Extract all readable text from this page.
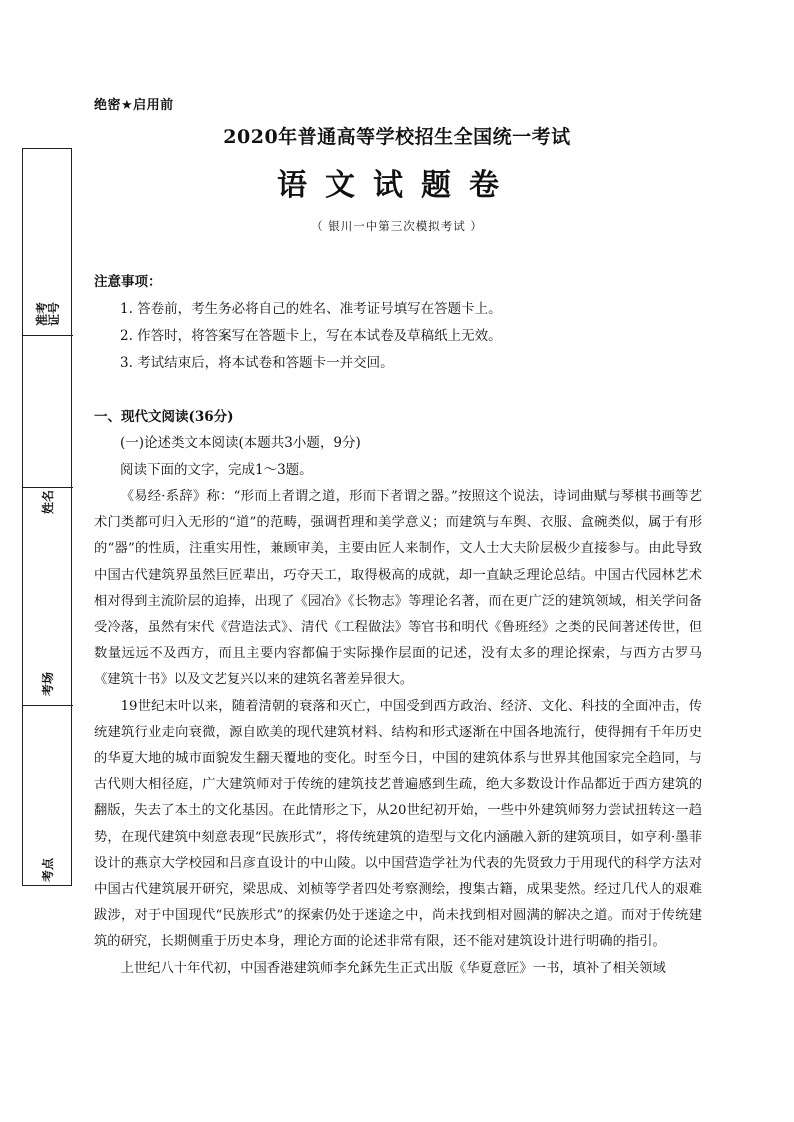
绝密★启用前
2020年普通高等学校招生全国统一考试
语文试题卷
（ 银川一中第三次模拟考试 ）
准考证号
姓名
考场
考点
注意事项：
1. 答卷前，考生务必将自己的姓名、准考证号填写在答题卡上。
2. 作答时，将答案写在答题卡上，写在本试卷及草稿纸上无效。
3. 考试结束后，将本试卷和答题卡一并交回。
一、现代文阅读(36分)
(一)论述类文本阅读(本题共3小题，9分)
阅读下面的文字，完成1～3题。

《易经·系辞》称：“形而上者谓之道，形而下者谓之器。”按照这个说法，诗词曲赋与琴棋书画等艺术门类都可归入无形的“道”的范畴，强调哲理和美学意义；而建筑与车舆、衣服、盒碗类似，属于有形的“器”的性质，注重实用性，兼顾审美，主要由匠人来制作，文人士大夫阶层极少直接参与。由此导致中国古代建筑界虽然巨匠辈出，巧夺天工，取得极高的成就，却一直缺乏理论总结。中国古代园林艺术相对得到主流阶层的追捧，出现了《园冶》《长物志》等理论名著，而在更广泛的建筑领域，相关学问备受冷落，虽然有宋代《营造法式》、清代《工程做法》等官书和明代《鲁班经》之类的民间著述传世，但数量远远不及西方，而且主要内容都偏于实际操作层面的记述，没有太多的理论探索，与西方古罗马《建筑十书》以及文艺复兴以来的建筑名著差异很大。

19世纪末叶以来，随着清朝的衰落和灭亡，中国受到西方政治、经济、文化、科技的全面冲击，传统建筑行业走向衰微，源自欧美的现代建筑材料、结构和形式逐渐在中国各地流行，使得拥有千年历史的华夏大地的城市面貌发生翻天覆地的变化。时至今日，中国的建筑体系与世界其他国家完全趋同，与古代则大相径庭，广大建筑师对于传统的建筑技艺普遍感到生疏，绝大多数设计作品都近于西方建筑的翻版，失去了本土的文化基因。在此情形之下，从20世纪初开始，一些中外建筑师努力尝试扭转这一趋势，在现代建筑中刻意表现“民族形式”，将传统建筑的造型与文化内涵融入新的建筑项目，如亨利·墨菲设计的燕京大学校园和吕彦直设计的中山陵。以中国营造学社为代表的先贤致力于用现代的科学方法对中国古代建筑展开研究，梁思成、刘桢等学者四处考察测绘，搜集古籍，成果斐然。经过几代人的艰难跋涉，对于中国现代“民族形式”的探索仍处于迷途之中，尚未找到相对圆满的解决之道。而对于传统建筑的研究，长期侧重于历史本身，理论方面的论述非常有限，还不能对建筑设计进行明确的指引。

上世纪八十年代初，中国香港建筑师李允鉌先生正式出版《华夏意匠》一书，填补了相关领域
